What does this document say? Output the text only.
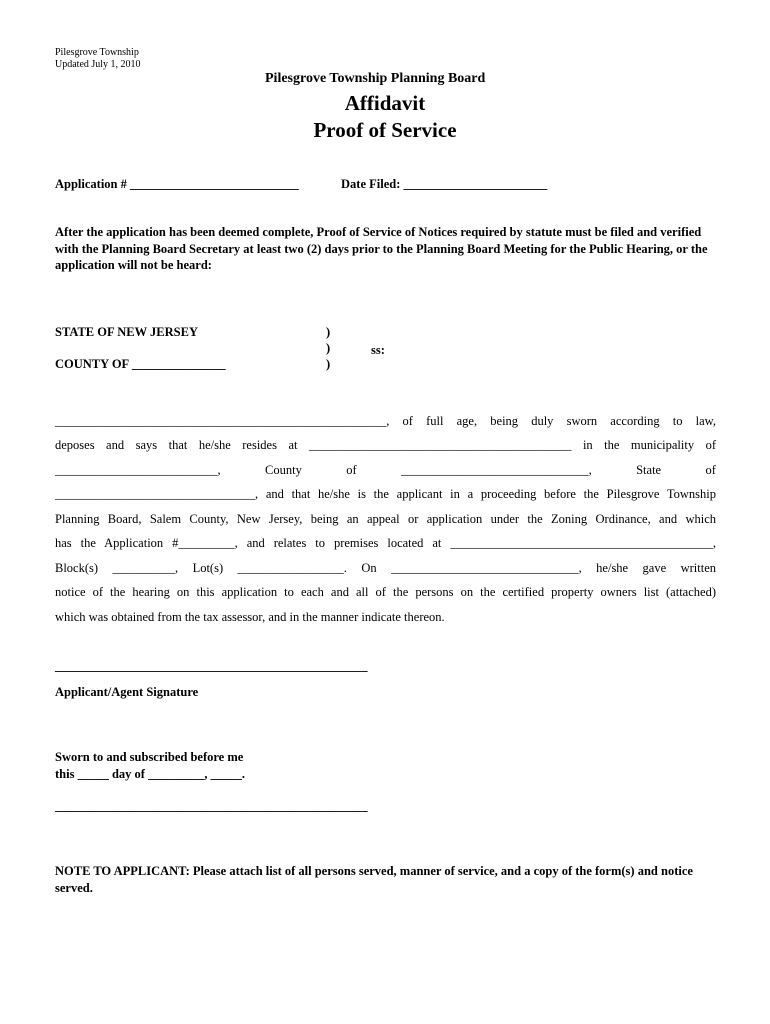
Pilesgrove Township
Updated July 1, 2010
Pilesgrove Township Planning Board
Affidavit
Proof of Service
Application # ___________________________	Date Filed: _______________________
After the application has been deemed complete, Proof of Service of Notices required by statute must be filed and verified with the Planning Board Secretary at least two (2) days prior to the Planning Board Meeting for the Public Hearing, or the application will not be heard:
STATE OF NEW JERSEY
COUNTY OF _______________
)
)
)
ss:
_____________________________________________________, of full age, being duly sworn according to law,
deposes and says that he/she resides at __________________________________________ in the municipality of
__________________________,	County	of	______________________________,	State	of
________________________________, and that he/she is the applicant in a proceeding before the Pilesgrove Township
Planning Board, Salem County, New Jersey, being an appeal or application under the Zoning Ordinance, and which
has the Application #_________, and relates to premises located at __________________________________________,
Block(s) __________, Lot(s) _________________. On ______________________________, he/she gave written
notice of the hearing on this application to each and all of the persons on the certified property owners list (attached)
which was obtained from the tax assessor, and in the manner indicate thereon.
__________________________________________________
Applicant/Agent Signature
Sworn to and subscribed before me
this _____ day of _________, _____.
__________________________________________________
NOTE TO APPLICANT: Please attach list of all persons served, manner of service, and a copy of the form(s) and notice served.
